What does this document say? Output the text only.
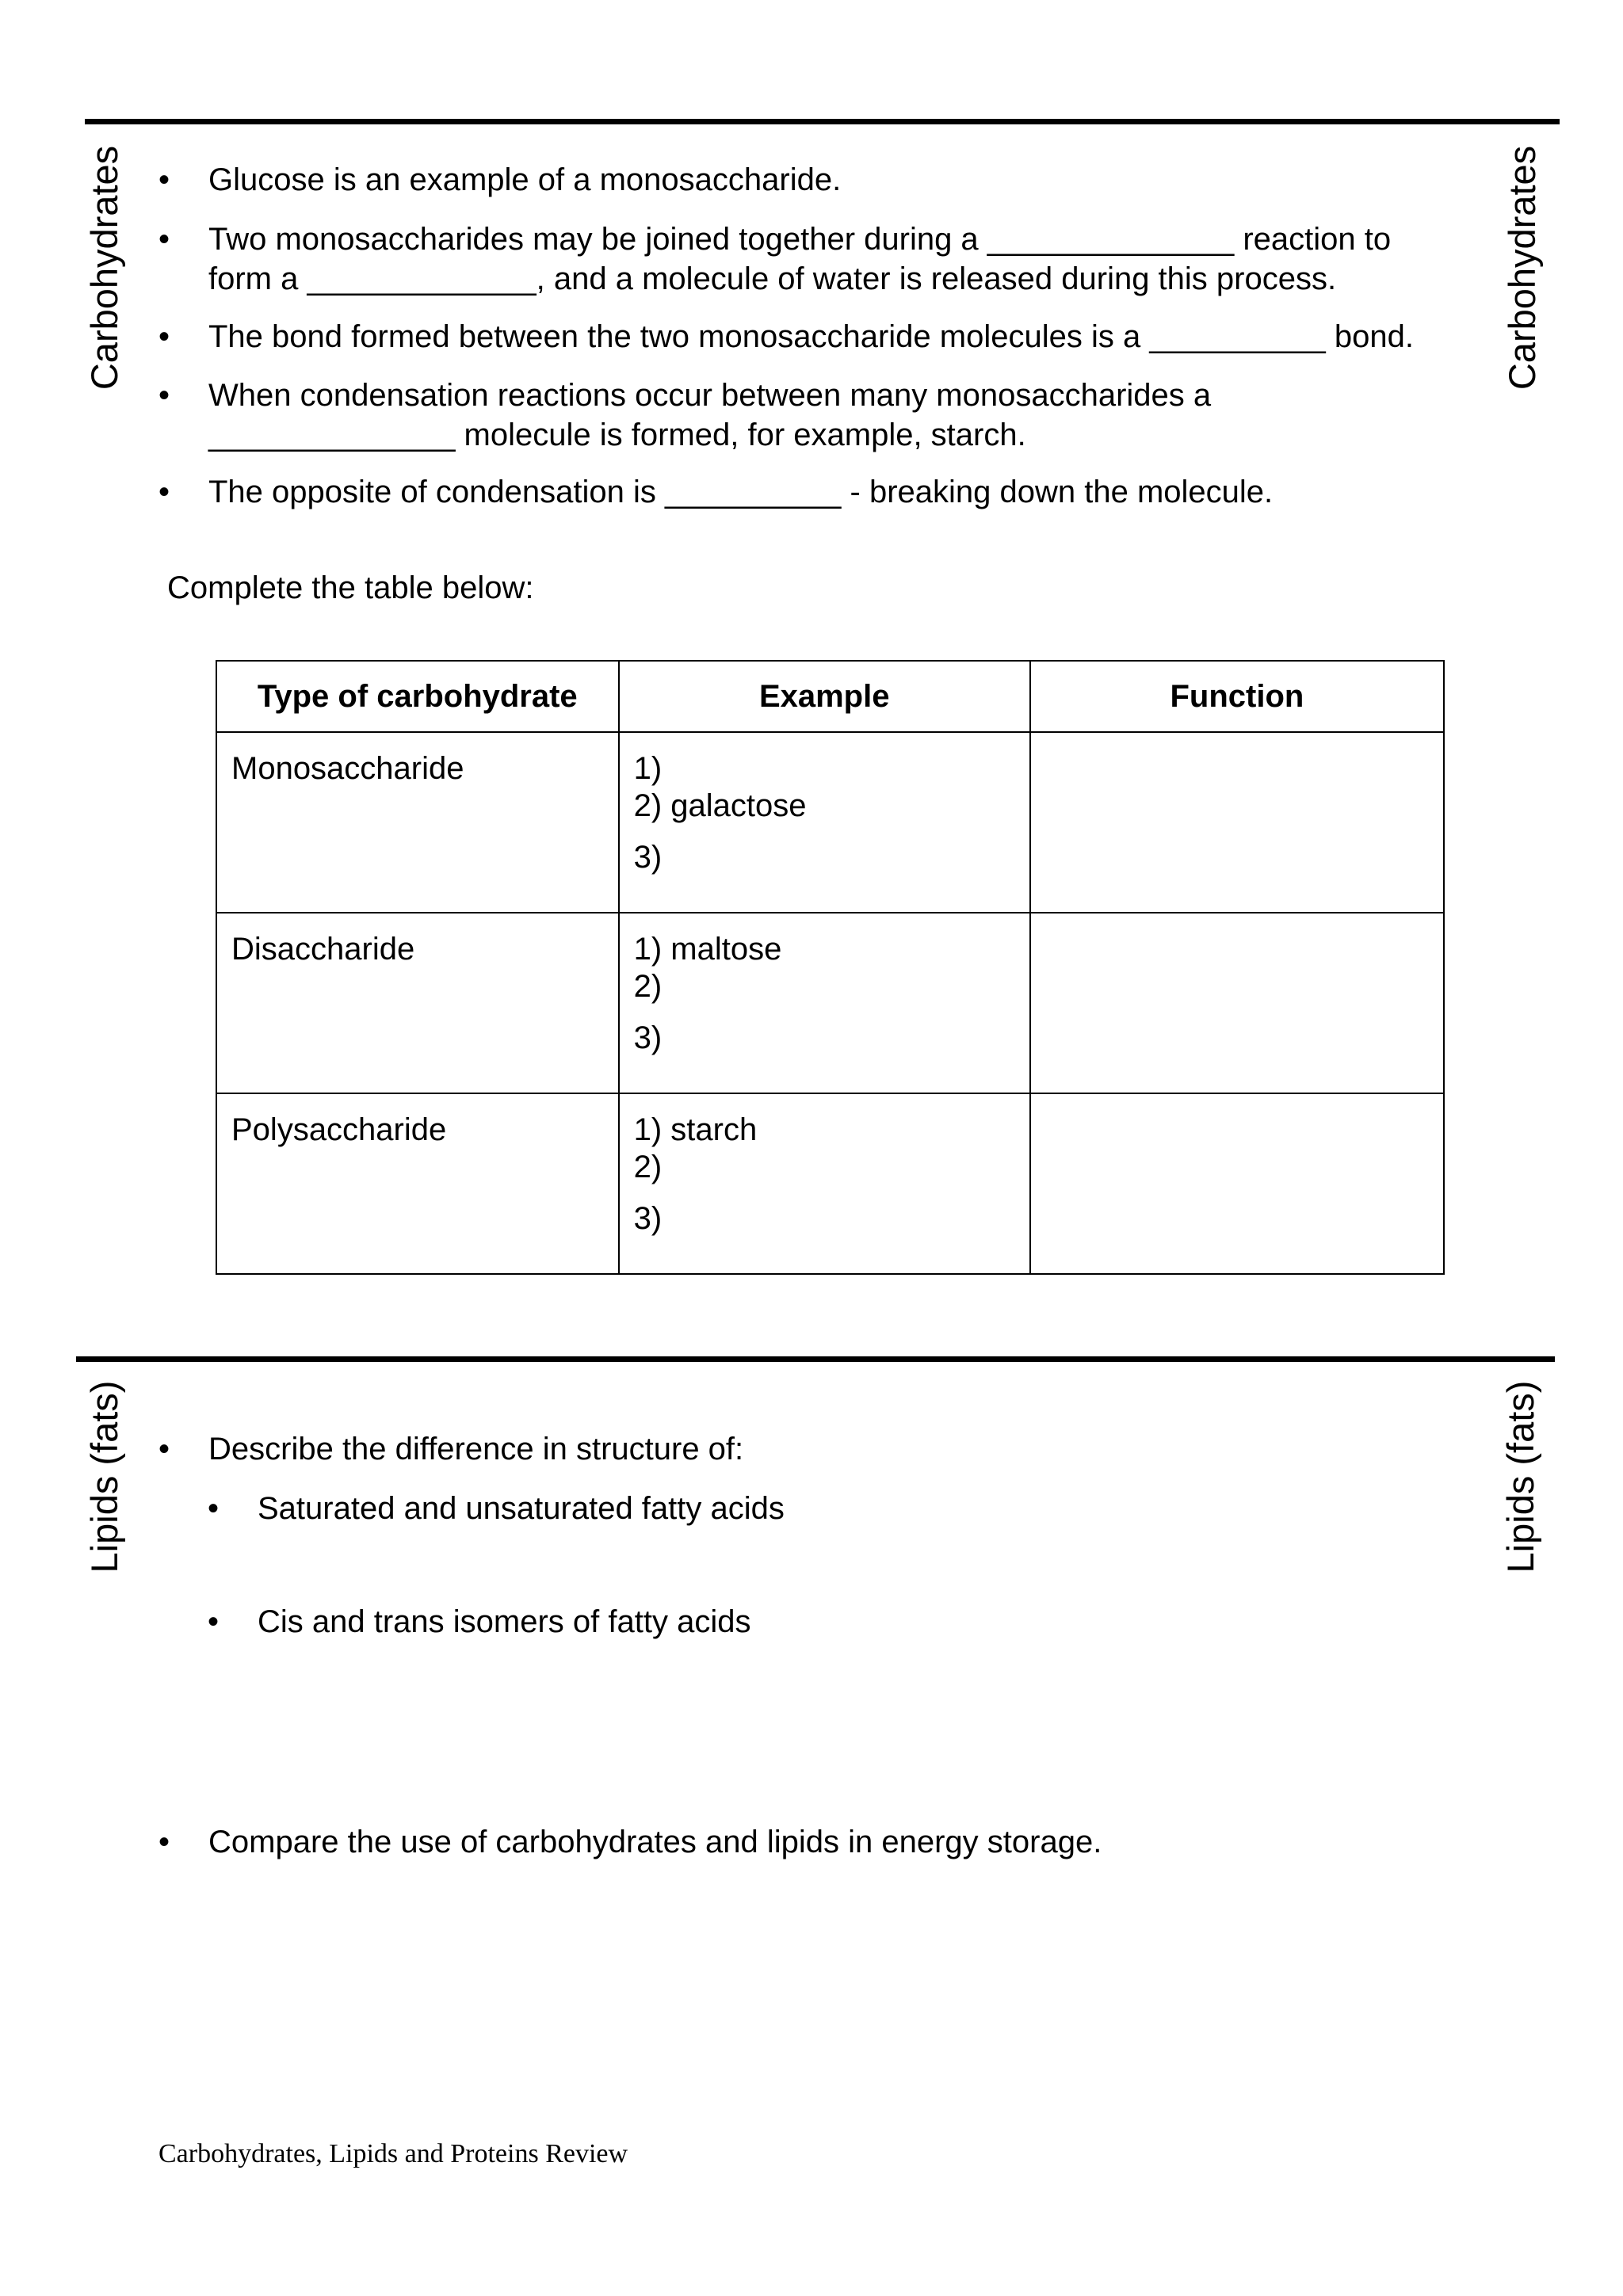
Carbohydrates	Carbohydrates
• Glucose is an example of a monosaccharide.
• Two monosaccharides may be joined together during a ______________ reaction to
form a _____________, and a molecule of water is released during this process.
• The bond formed between the two monosaccharide molecules is a __________ bond.
• When condensation reactions occur between many monosaccharides a
______________ molecule is formed, for example, starch.
• The opposite of condensation is __________ - breaking down the molecule.
Complete the table below:
Type of carbohydrate	Example	Function
Monosaccharide	1)
2) galactose
3)	

Disaccharide	1) maltose
2)
3)	

Polysaccharide	1) starch
2)
3)	

Lipids (fats)	Lipids (fats)
• Describe the difference in structure of:
• Saturated and unsaturated fatty acids
• Cis and trans isomers of fatty acids
• Compare the use of carbohydrates and lipids in energy storage.
Carbohydrates, Lipids and Proteins Review
